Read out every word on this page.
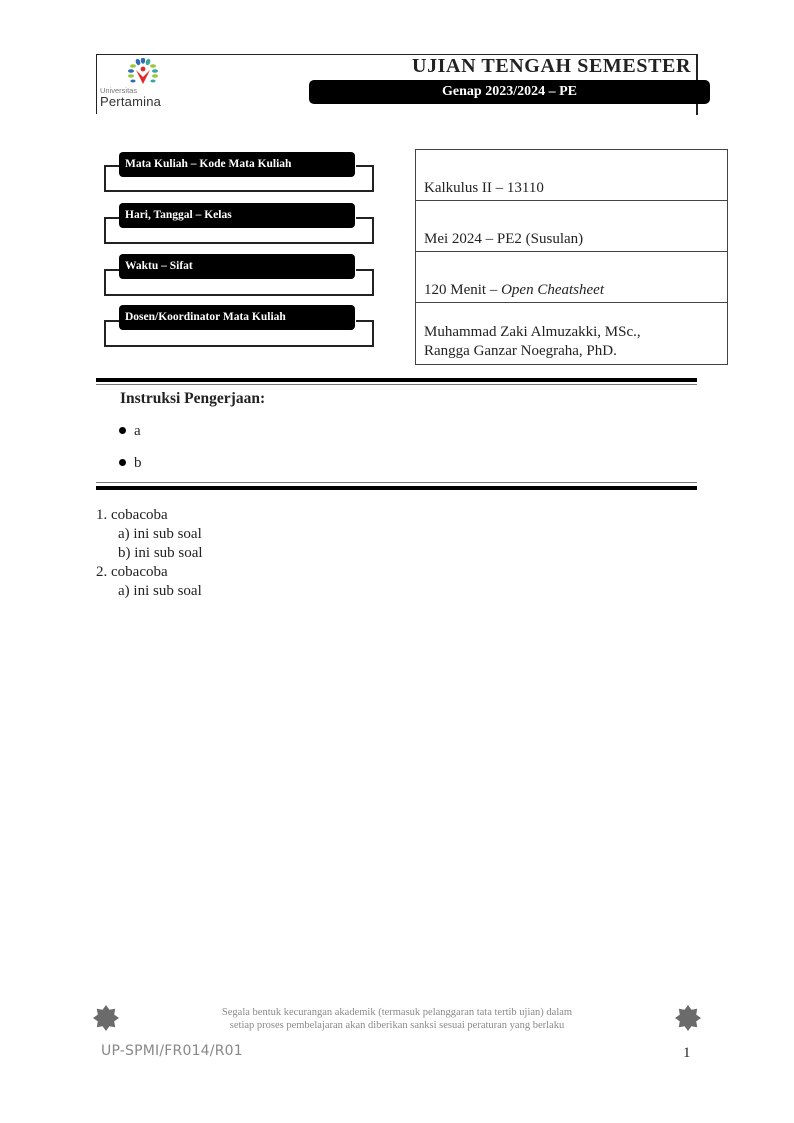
Universitas
Pertamina
UJIAN TENGAH SEMESTER
Genap 2023/2024 – PE
Mata Kuliah – Kode Mata Kuliah
Hari, Tanggal – Kelas
Waktu – Sifat
Dosen/Koordinator Mata Kuliah
Kalkulus II – 13110
Mei 2024 – PE2 (Susulan)
120 Menit – Open Cheatsheet
Muhammad Zaki Almuzakki, MSc.,
Rangga Ganzar Noegraha, PhD.
Instruksi Pengerjaan:
a
b
1. cobacoba
a) ini sub soal
b) ini sub soal
2. cobacoba
a) ini sub soal
Segala bentuk kecurangan akademik (termasuk pelanggaran tata tertib ujian) dalam
setiap proses pembelajaran akan diberikan sanksi sesuai peraturan yang berlaku
UP-SPMI/FR014/R01	1
